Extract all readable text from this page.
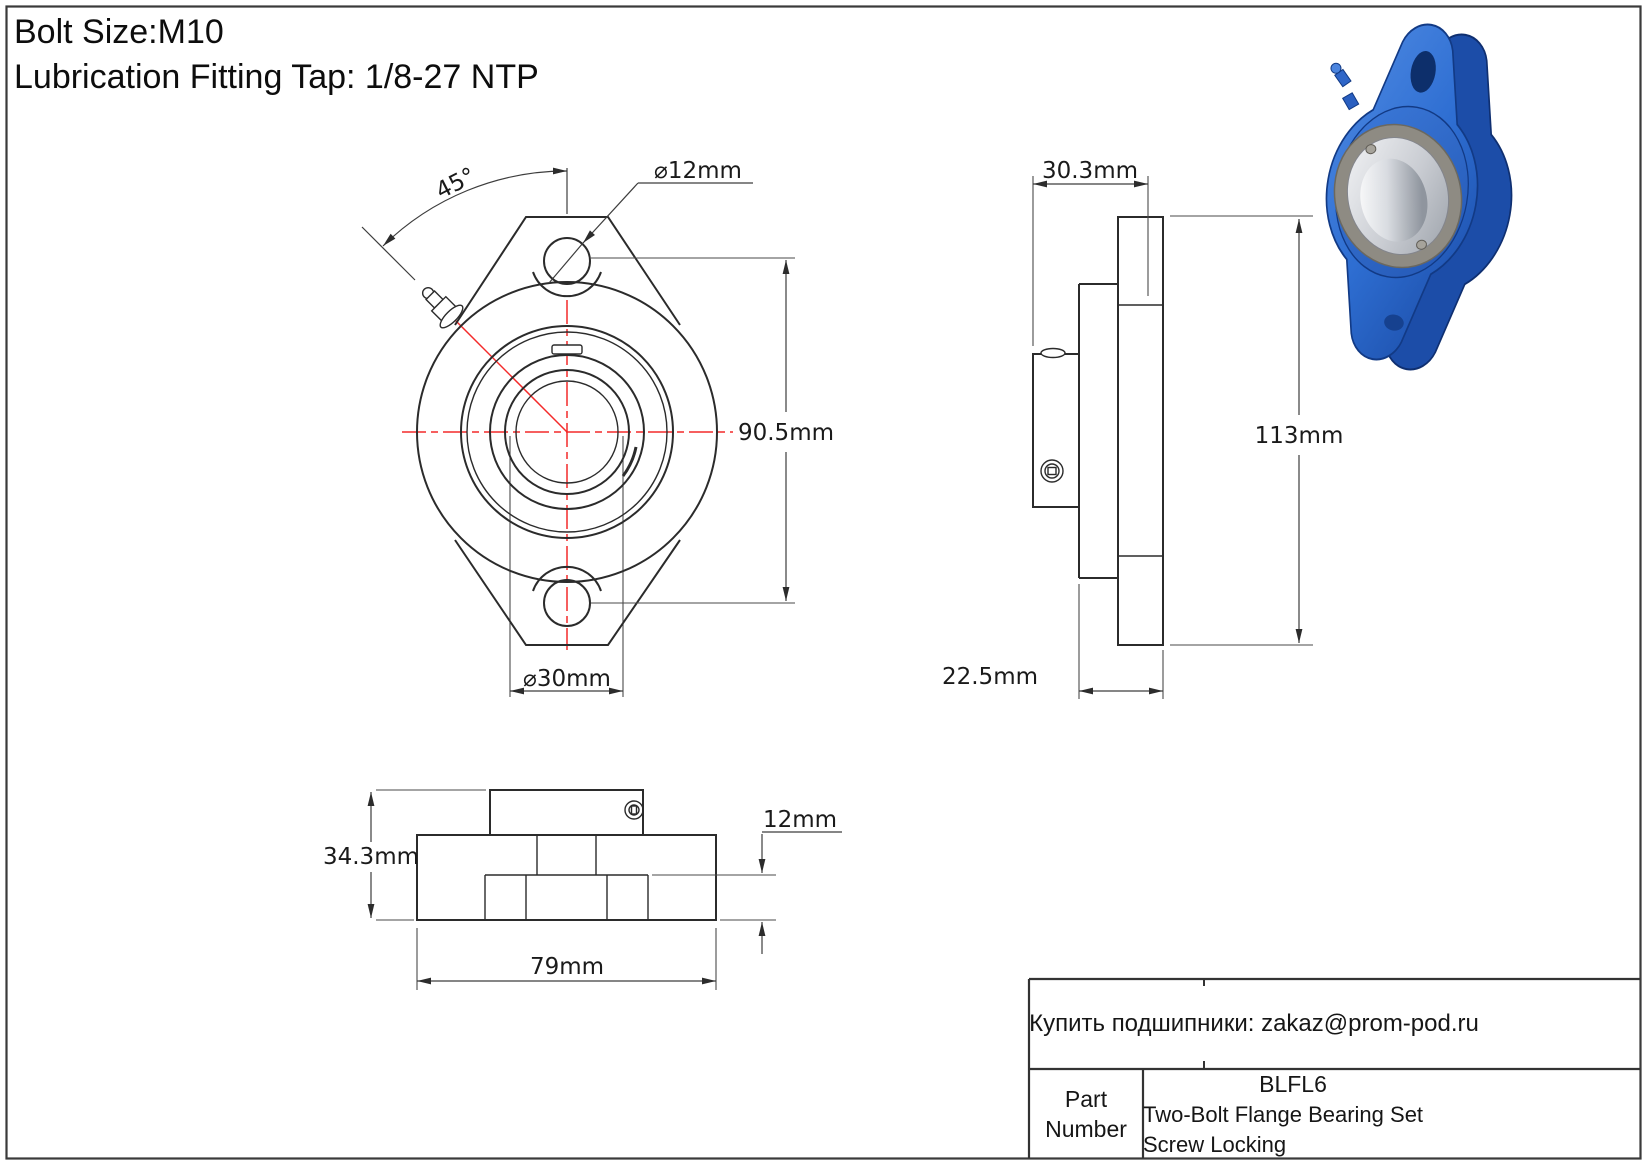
45°	⌀12mm
90.5mm
⌀30mm
30.3mm
113mm
22.5mm
34.3mm
79mm
12mm
Bolt Size:M10
Lubrication Fitting Tap: 1/8-27 NTP
Купить подшипники: zakaz@prom-pod.ru
Part
Number
BLFL6
Two-Bolt Flange Bearing Set Screw Locking
